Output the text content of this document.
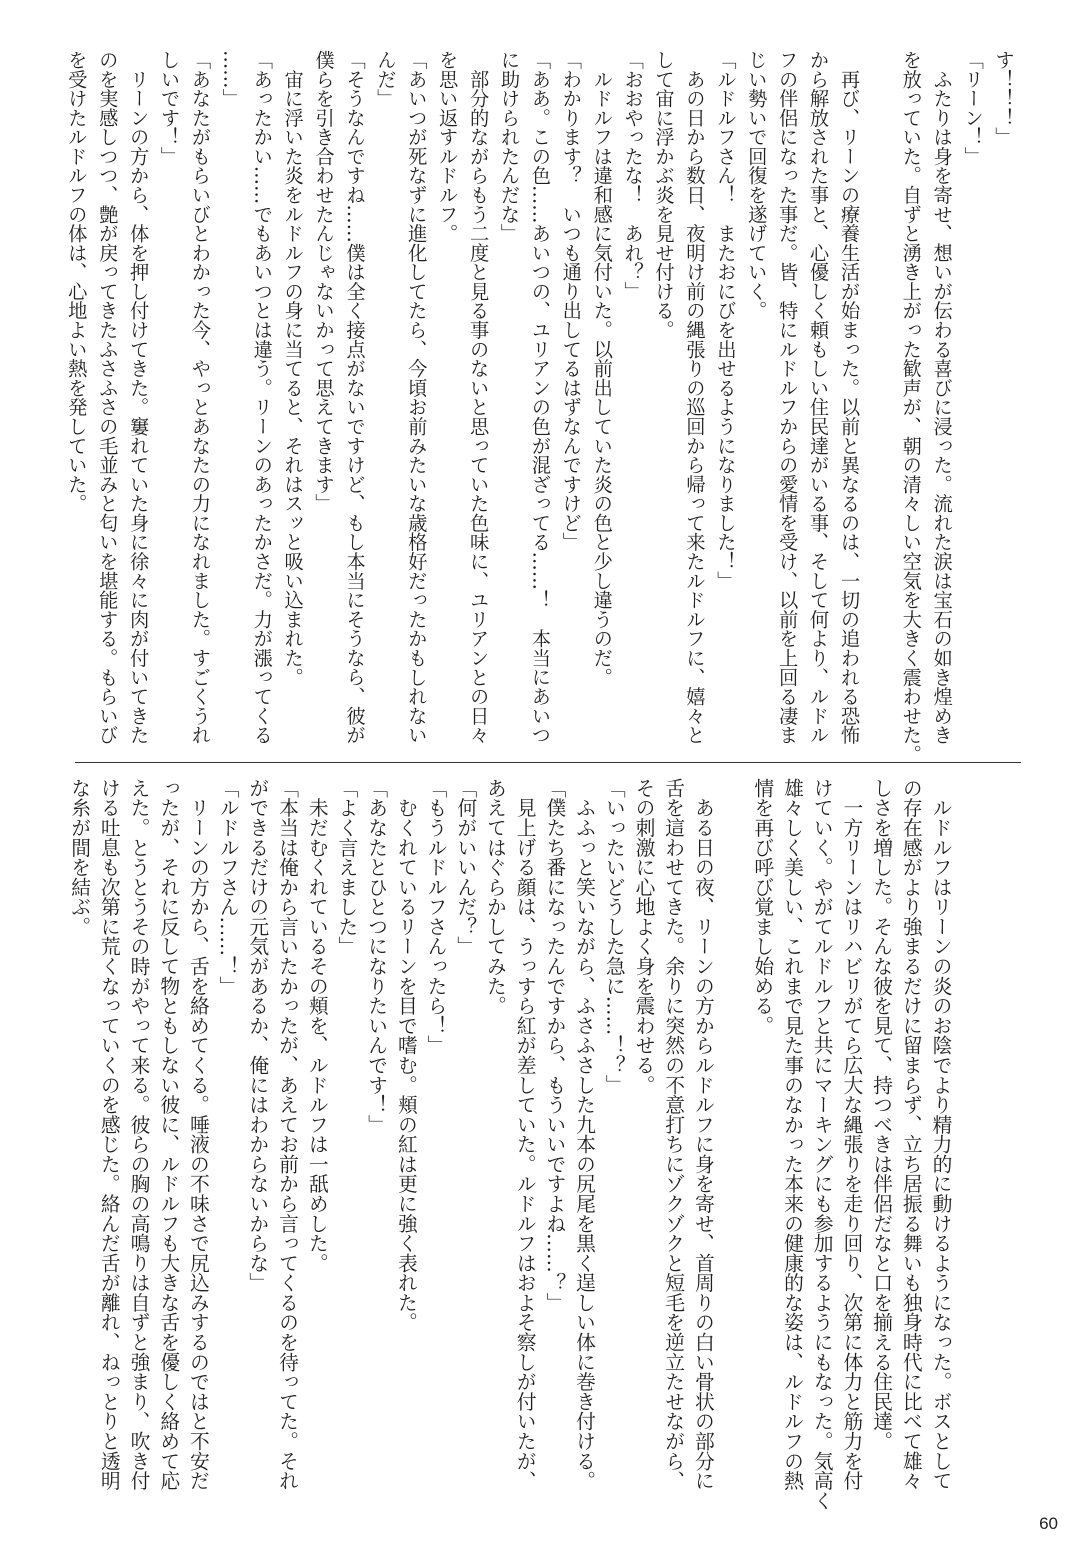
す！！！」
「リーン！」
　ふたりは身を寄せ、想いが伝わる喜びに浸った。流れた涙は宝石の如き煌めき
を放っていた。自ずと湧き上がった歓声が、朝の清々しい空気を大きく震わせた。
　再び、リーンの療養生活が始まった。以前と異なるのは、一切の追われる恐怖
から解放された事と、心優しく頼もしい住民達がいる事、そして何より、ルドル
フの伴侶になった事だ。皆、特にルドルフからの愛情を受け、以前を上回る凄ま
じい勢いで回復を遂げていく。
「ルドルフさん！　またおにびを出せるようになりました！」
　あの日から数日、夜明け前の縄張りの巡回から帰って来たルドルフに、嬉々と
して宙に浮かぶ炎を見せ付ける。
「おおやったな！　あれ？」
　ルドルフは違和感に気付いた。以前出していた炎の色と少し違うのだ。
「わかります？　いつも通り出してるはずなんですけど」
「ああ。この色……あいつの、ユリアンの色が混ざってる……！　本当にあいつ
に助けられたんだな」
　部分的ながらもう二度と見る事のないと思っていた色味に、ユリアンとの日々
を思い返すルドルフ。
「あいつが死なずに進化してたら、今頃お前みたいな歳格好だったかもしれない
んだ」
「そうなんですね……僕は全く接点がないですけど、もし本当にそうなら、彼が
僕らを引き合わせたんじゃないかって思えてきます」
　宙に浮いた炎をルドルフの身に当てると、それはスッと吸い込まれた。
「あったかい……でもあいつとは違う。リーンのあったかさだ。力が漲ってくる
……」
「あなたがもらいびとわかった今、やっとあなたの力になれました。すごくうれ
しいです！」
　リーンの方から、体を押し付けてきた。窶れていた身に徐々に肉が付いてきた
のを実感しつつ、艶が戻ってきたふさふさの毛並みと匂いを堪能する。もらいび
を受けたルドルフの体は、心地よい熱を発していた。
　ルドルフはリーンの炎のお陰でより精力的に動けるようになった。ボスとして
の存在感がより強まるだけに留まらず、立ち居振る舞いも独身時代に比べて雄々
しさを増した。そんな彼を見て、持つべきは伴侶だなと口を揃える住民達。
　一方リーンはリハビリがてら広大な縄張りを走り回り、次第に体力と筋力を付
けていく。やがてルドルフと共にマーキングにも参加するようにもなった。気高く
雄々しく美しい、これまで見た事のなかった本来の健康的な姿は、ルドルフの熱
情を再び呼び覚まし始める。
　ある日の夜、リーンの方からルドルフに身を寄せ、首周りの白い骨状の部分に
舌を這わせてきた。余りに突然の不意打ちにゾクゾクと短毛を逆立たせながら、
その刺激に心地よく身を震わせる。
「いったいどうした急に……！？」
　ふふっと笑いながら、ふさふさした九本の尻尾を黒く逞しい体に巻き付ける。
「僕たち番になったんですから、もういいですよね……？」
　見上げる顔は、うっすら紅が差していた。ルドルフはおよそ察しが付いたが、
あえてはぐらかしてみた。
「何がいいんだ？」
「もうルドルフさんったら！」
　むくれているリーンを目で嗜む。頬の紅は更に強く表れた。
「あなたとひとつになりたいんです！」
「よく言えました」
　未だむくれているその頬を、ルドルフは一舐めした。
「本当は俺から言いたかったが、あえてお前から言ってくるのを待ってた。それ
ができるだけの元気があるか、俺にはわからないからな」
「ルドルフさん……！」
　リーンの方から、舌を絡めてくる。唾液の不味さで尻込みするのではと不安だ
ったが、それに反して物ともしない彼に、ルドルフも大きな舌を優しく絡めて応
えた。とうとうその時がやって来る。彼らの胸の高鳴りは自ずと強まり、吹き付
ける吐息も次第に荒くなっていくのを感じた。絡んだ舌が離れ、ねっとりと透明
な糸が間を結ぶ。
60
